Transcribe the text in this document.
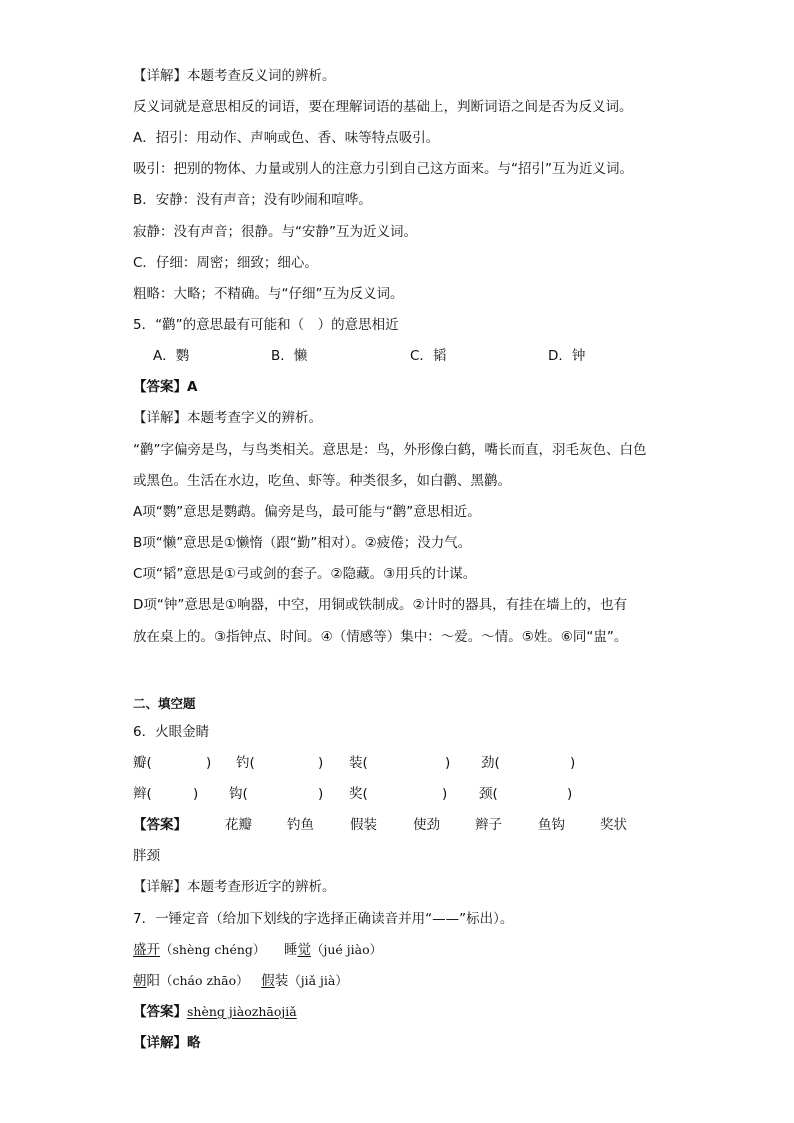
【详解】本题考查反义词的辨析。
反义词就是意思相反的词语，要在理解词语的基础上，判断词语之间是否为反义词。
A．招引：用动作、声响或色、香、味等特点吸引。
吸引：把别的物体、力量或别人的注意力引到自己这方面来。与“招引”互为近义词。
B．安静：没有声音；没有吵闹和喧哗。
寂静：没有声音；很静。与“安静”互为近义词。
C．仔细：周密；细致；细心。
粗略：大略；不精确。与“仔细”互为反义词。
5．“鹳”的意思最有可能和（　）的意思相近
A．鹦	B．懒	C．韬	D．钟
【答案】A
【详解】本题考查字义的辨析。
“鹳”字偏旁是鸟，与鸟类相关。意思是：鸟，外形像白鹤，嘴长而直，羽毛灰色、白色
或黑色。生活在水边，吃鱼、虾等。种类很多，如白鹳、黑鹳。
A项“鹦”意思是鹦鹉。偏旁是鸟，最可能与“鹳”意思相近。
B项“懒”意思是①懒惰（跟“勤”相对）。②疲倦；没力气。
C项“韬”意思是①弓或剑的套子。②隐藏。③用兵的计谋。
D项“钟”意思是①响器，中空，用铜或铁制成。②计时的器具，有挂在墙上的，也有
放在桌上的。③指钟点、时间。④（情感等）集中：～爱。～情。⑤姓。⑥同“盅”。
二、填空题
6．火眼金睛
瓣(	) 钓(	) 装(	) 劲(	)
辫(	) 钩(	) 奖(	) 颈(	)
【答案】	花瓣	钓鱼	假装	使劲	辫子	鱼钩	奖状
胖颈
【详解】本题考查形近字的辨析。
7．一锤定音（给加下划线的字选择正确读音并用“——”标出）。
盛开（shèng chéng） 睡觉（jué jiào）
朝阳（cháo zhāo） 假装（jiǎ jià）
【答案】shèng jiàozhāojiǎ
【详解】略
